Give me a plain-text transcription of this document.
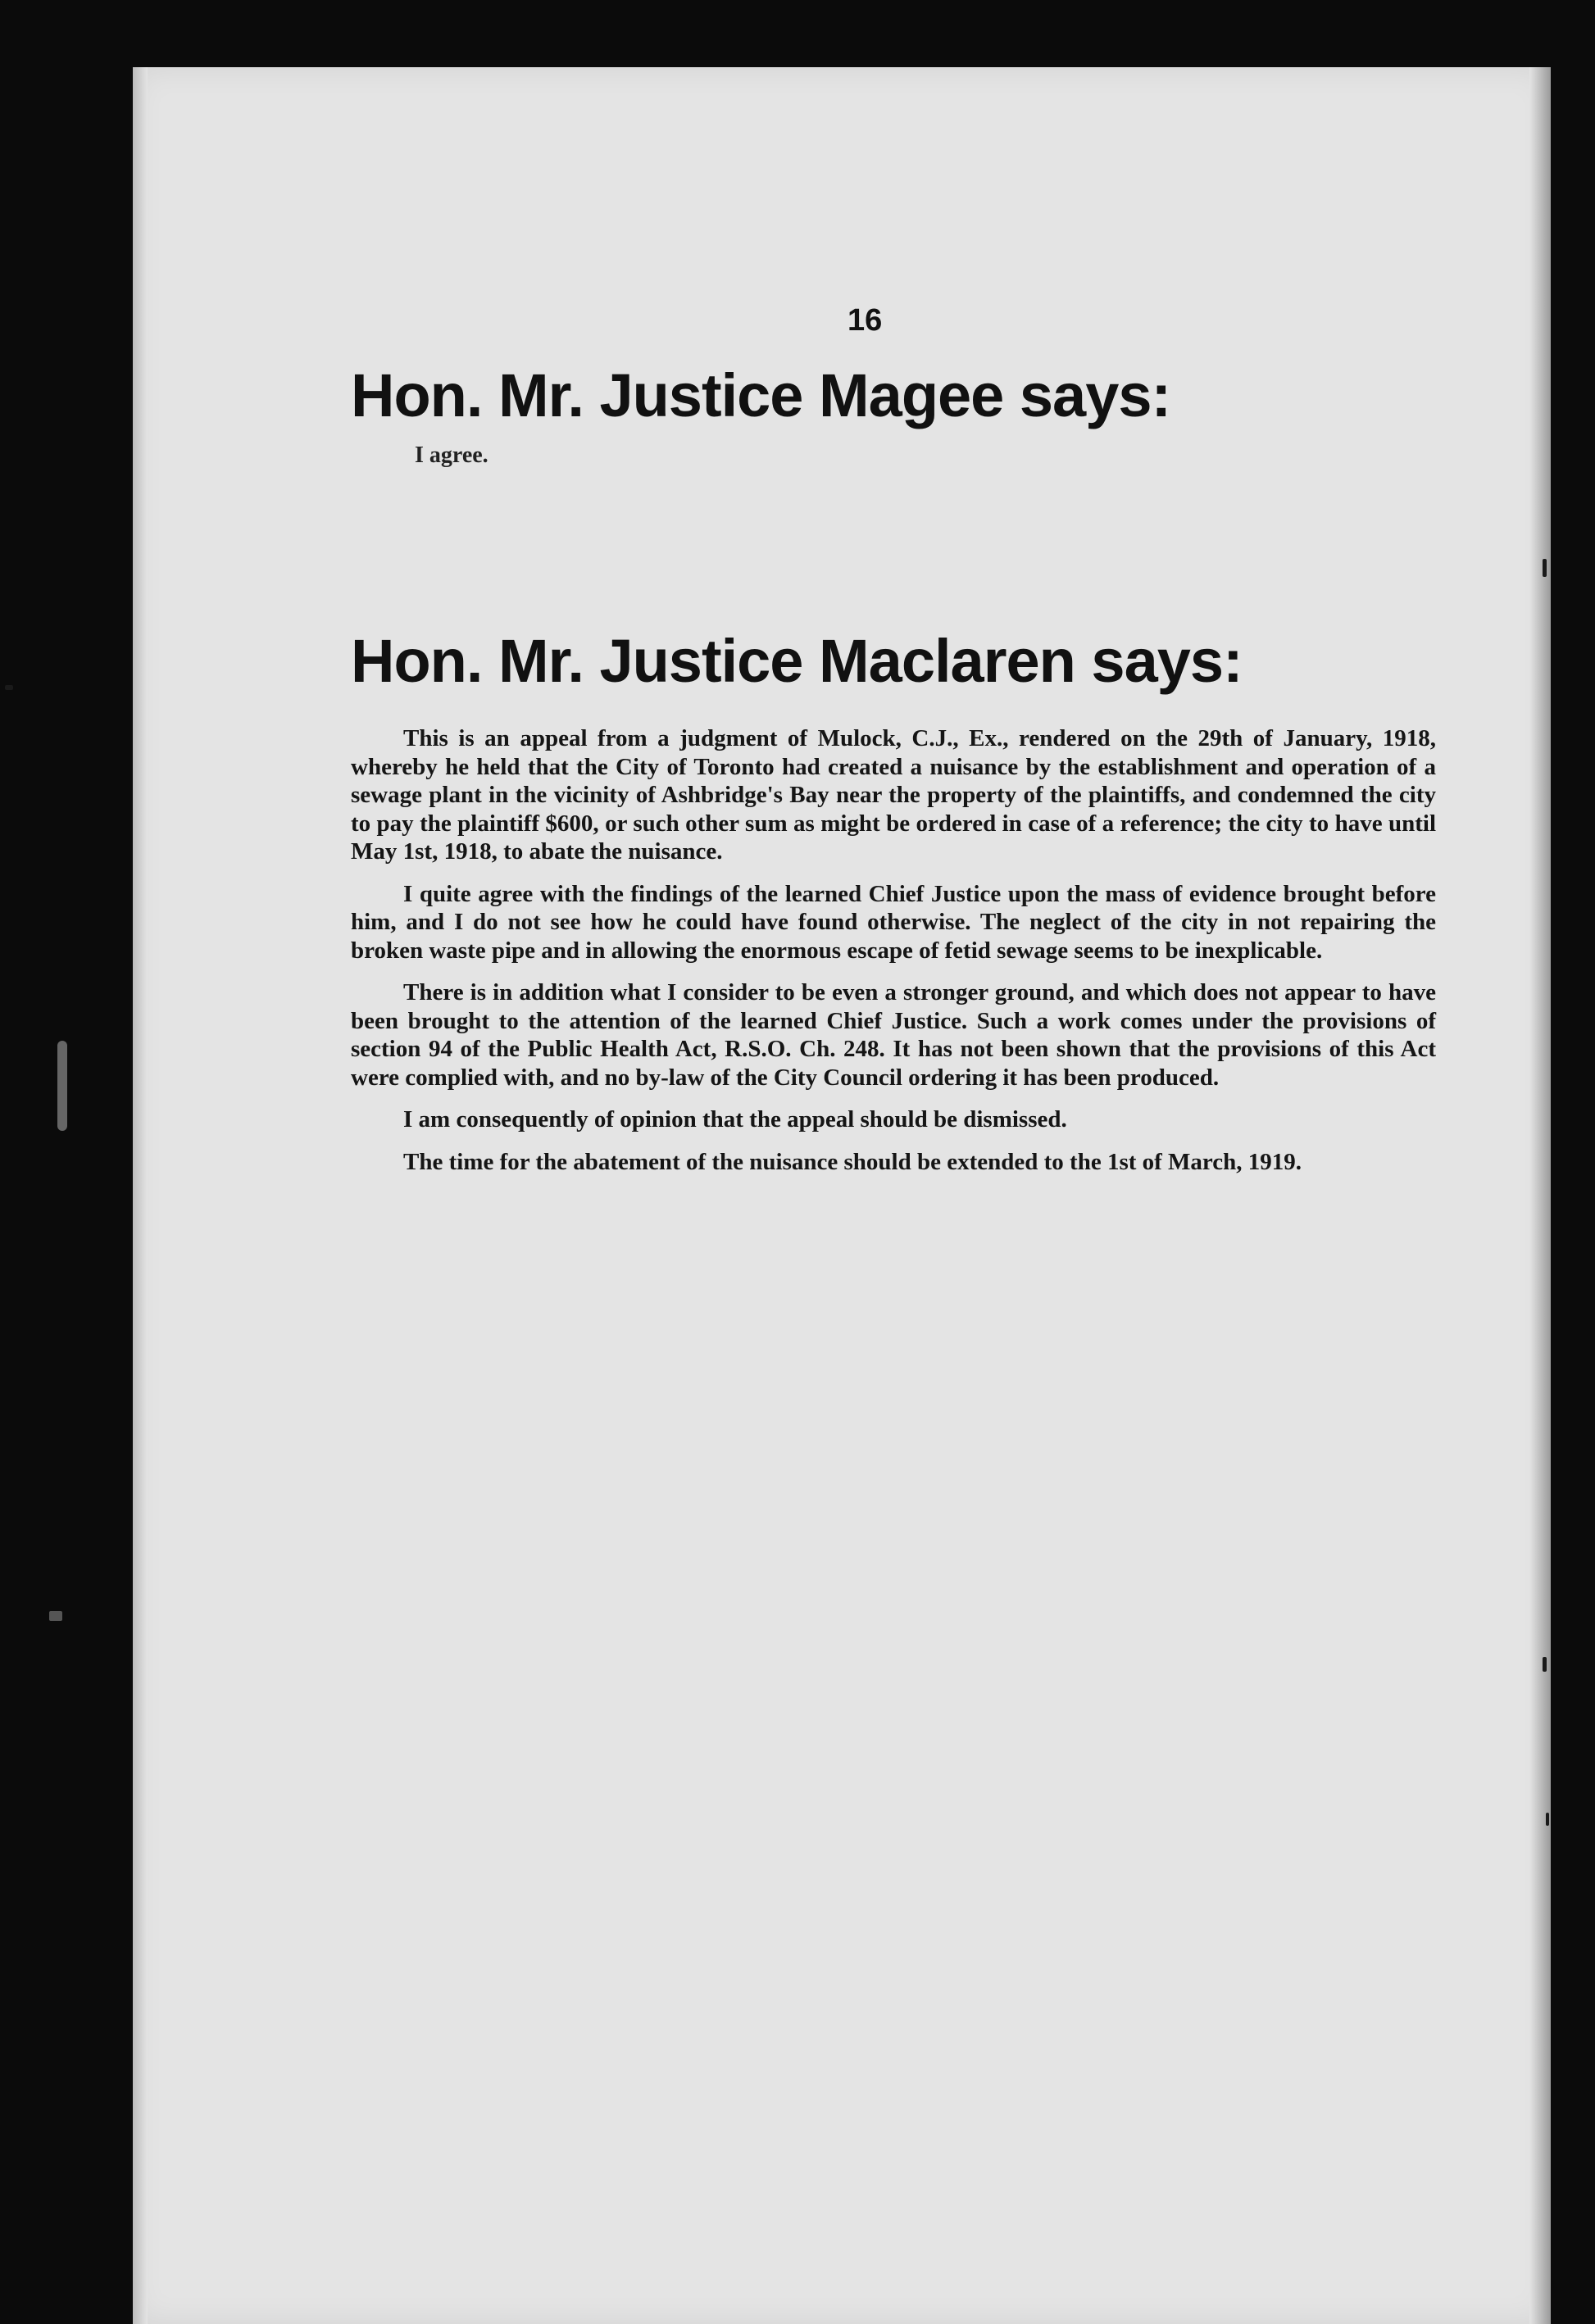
16
Hon. Mr. Justice Magee says:
I agree.
Hon. Mr. Justice Maclaren says:

This is an appeal from a judgment of Mulock, C.J., Ex., rendered on the 29th of January, 1918, whereby he held that the City of Toronto had created a nuisance by the establishment and operation of a sewage plant in the vicinity of Ashbridge's Bay near the property of the plaintiffs, and condemned the city to pay the plaintiff $600, or such other sum as might be ordered in case of a reference; the city to have until May 1st, 1918, to abate the nuisance.

I quite agree with the findings of the learned Chief Justice upon the mass of evidence brought before him, and I do not see how he could have found otherwise. The neglect of the city in not repairing the broken waste pipe and in allowing the enormous escape of fetid sewage seems to be inexplicable.

There is in addition what I consider to be even a stronger ground, and which does not appear to have been brought to the attention of the learned Chief Justice. Such a work comes under the provisions of section 94 of the Public Health Act, R.S.O. Ch. 248. It has not been shown that the provisions of this Act were complied with, and no by-law of the City Council ordering it has been produced.

I am consequently of opinion that the appeal should be dismissed.

The time for the abatement of the nuisance should be extended to the 1st of March, 1919.
